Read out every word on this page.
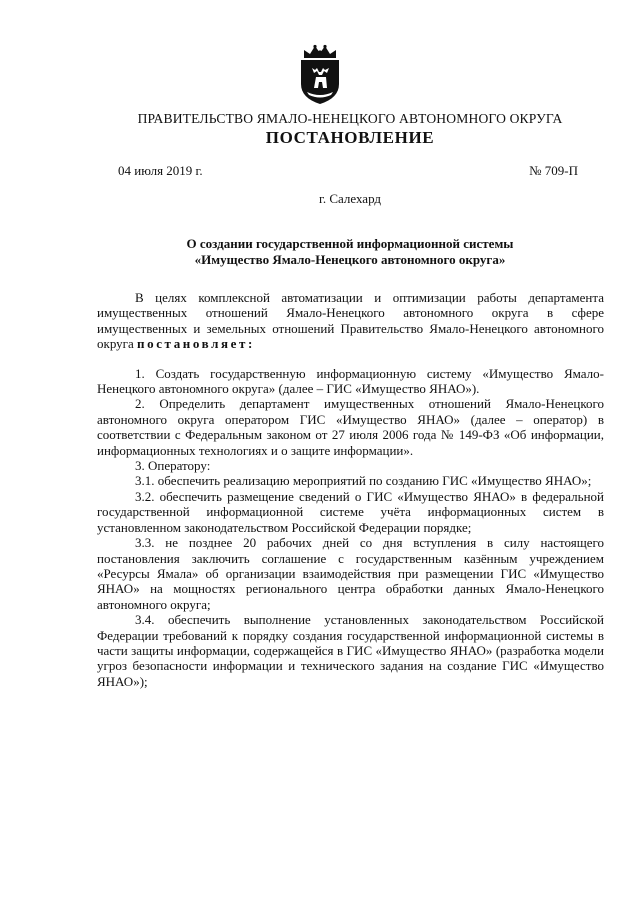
ПРАВИТЕЛЬСТВО ЯМАЛО-НЕНЕЦКОГО АВТОНОМНОГО ОКРУГА
ПОСТАНОВЛЕНИЕ
04 июля 2019 г.	№ 709-П
г. Салехард
О создании государственной информационной системы
«Имущество Ямало-Ненецкого автономного округа»

В целях комплексной автоматизации и оптимизации работы департамента имущественных отношений Ямало-Ненецкого автономного округа в сфере имущественных и земельных отношений Правительство Ямало-Ненецкого автономного округа постановляет:

1. Создать государственную информационную систему «Имущество Ямало-Ненецкого автономного округа» (далее – ГИС «Имущество ЯНАО»).

2. Определить департамент имущественных отношений Ямало-Ненецкого автономного округа оператором ГИС «Имущество ЯНАО» (далее – оператор) в соответствии с Федеральным законом от 27 июля 2006 года № 149-ФЗ «Об информации, информационных технологиях и о защите информации».

3. Оператору:

3.1. обеспечить реализацию мероприятий по созданию ГИС «Имущество ЯНАО»;

3.2. обеспечить размещение сведений о ГИС «Имущество ЯНАО» в федеральной государственной информационной системе учёта информационных систем в установленном законодательством Российской Федерации порядке;

3.3. не позднее 20 рабочих дней со дня вступления в силу настоящего постановления заключить соглашение с государственным казённым учреждением «Ресурсы Ямала» об организации взаимодействия при размещении ГИС «Имущество ЯНАО» на мощностях регионального центра обработки данных Ямало-Ненецкого автономного округа;

3.4. обеспечить выполнение установленных законодательством Российской Федерации требований к порядку создания государственной информационной системы в части защиты информации, содержащейся в ГИС «Имущество ЯНАО» (разработка модели угроз безопасности информации и технического задания на создание ГИС «Имущество ЯНАО»);
